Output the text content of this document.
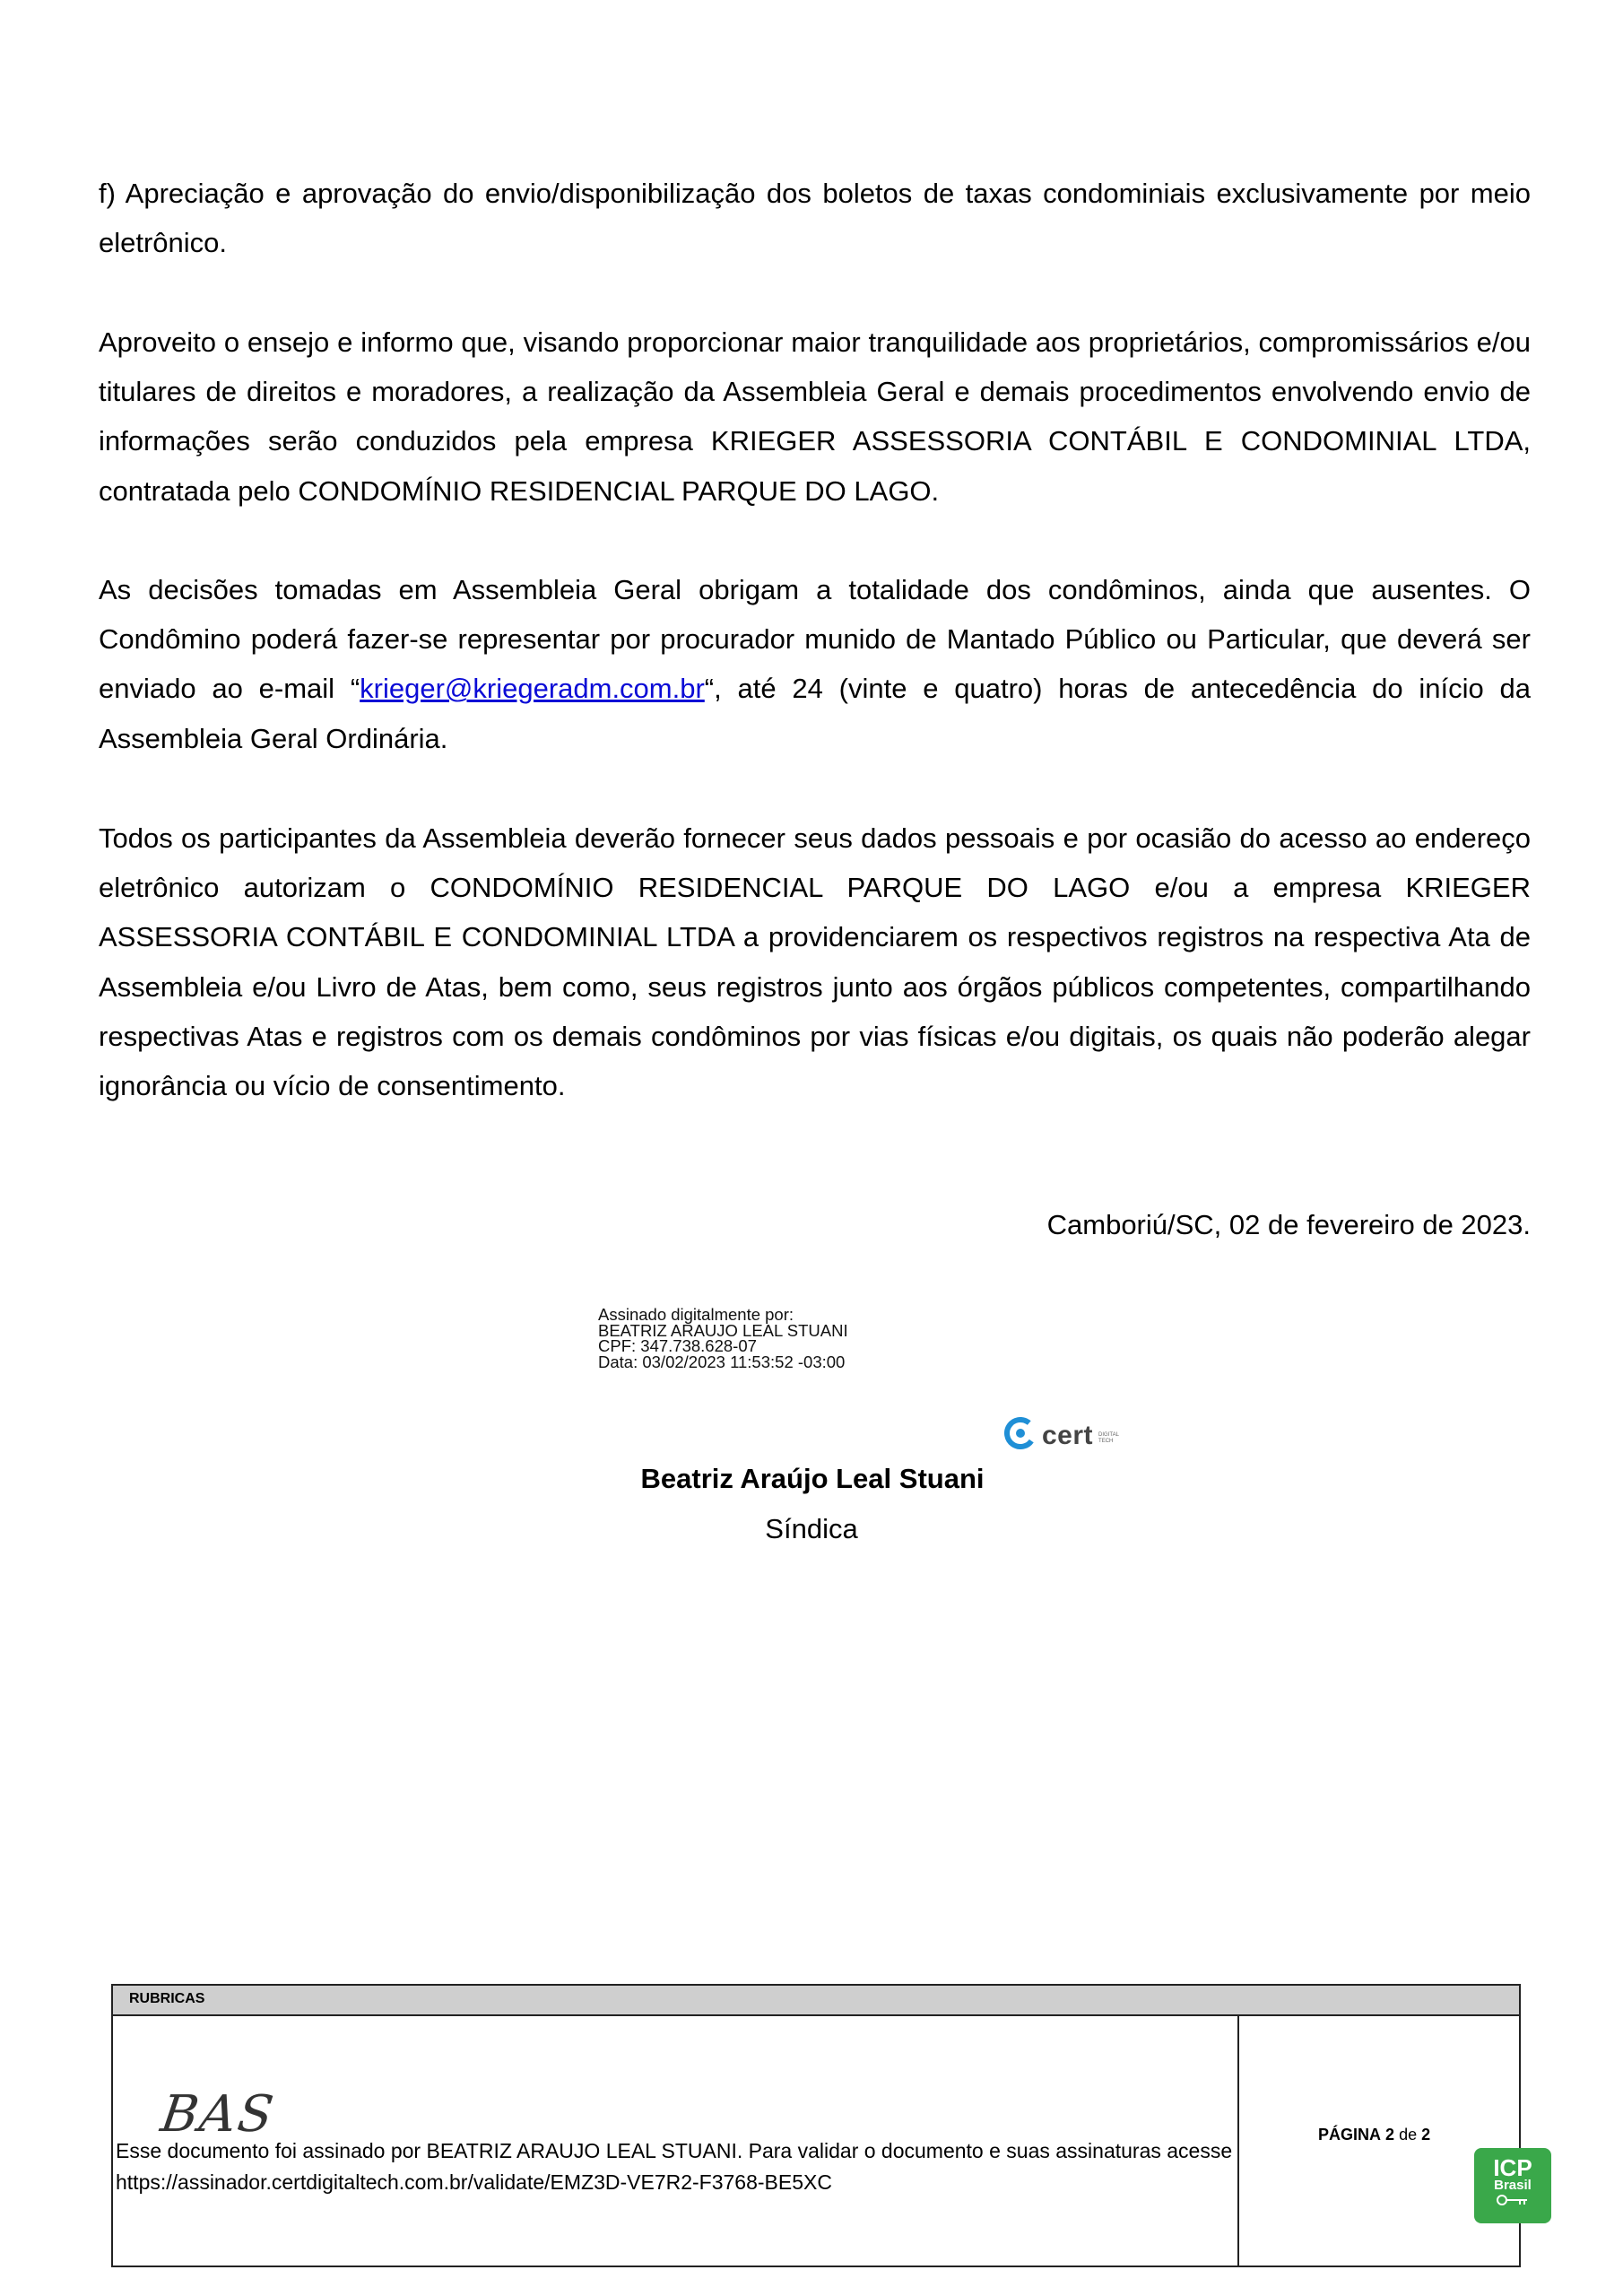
f) Apreciação e aprovação do envio/disponibilização dos boletos de taxas condominiais exclusivamente por meio eletrônico.

Aproveito o ensejo e informo que, visando proporcionar maior tranquilidade aos proprietários, compromissários e/ou titulares de direitos e moradores, a realização da Assembleia Geral e demais procedimentos envolvendo envio de informações serão conduzidos pela empresa KRIEGER ASSESSORIA CONTÁBIL E CONDOMINIAL LTDA, contratada pelo CONDOMÍNIO RESIDENCIAL PARQUE DO LAGO.

As decisões tomadas em Assembleia Geral obrigam a totalidade dos condôminos, ainda que ausentes. O Condômino poderá fazer-se representar por procurador munido de Mantado Público ou Particular, que deverá ser enviado ao e-mail “krieger@kriegeradm.com.br“, até 24 (vinte e quatro) horas de antecedência do início da Assembleia Geral Ordinária.

Todos os participantes da Assembleia deverão fornecer seus dados pessoais e por ocasião do acesso ao endereço eletrônico autorizam o CONDOMÍNIO RESIDENCIAL PARQUE DO LAGO e/ou a empresa KRIEGER ASSESSORIA CONTÁBIL E CONDOMINIAL LTDA a providenciarem os respectivos registros na respectiva Ata de Assembleia e/ou Livro de Atas, bem como, seus registros junto aos órgãos públicos competentes, compartilhando respectivas Atas e registros com os demais condôminos por vias físicas e/ou digitais, os quais não poderão alegar ignorância ou vício de consentimento.

Camboriú/SC, 02 de fevereiro de 2023.

Assinado digitalmente por:
BEATRIZ ARAUJO LEAL STUANI
CPF: 347.738.628-07
Data: 03/02/2023 11:53:52 -03:00
cert DIGITAL TECH
Beatriz Araújo Leal Stuani
Síndica
RUBRICAS
BAS
Esse documento foi assinado por BEATRIZ ARAUJO LEAL STUANI. Para validar o documento e suas assinaturas acesse
https://assinador.certdigitaltech.com.br/validate/EMZ3D-VE7R2-F3768-BE5XC
PÁGINA 2 de 2
ICP
Brasil
